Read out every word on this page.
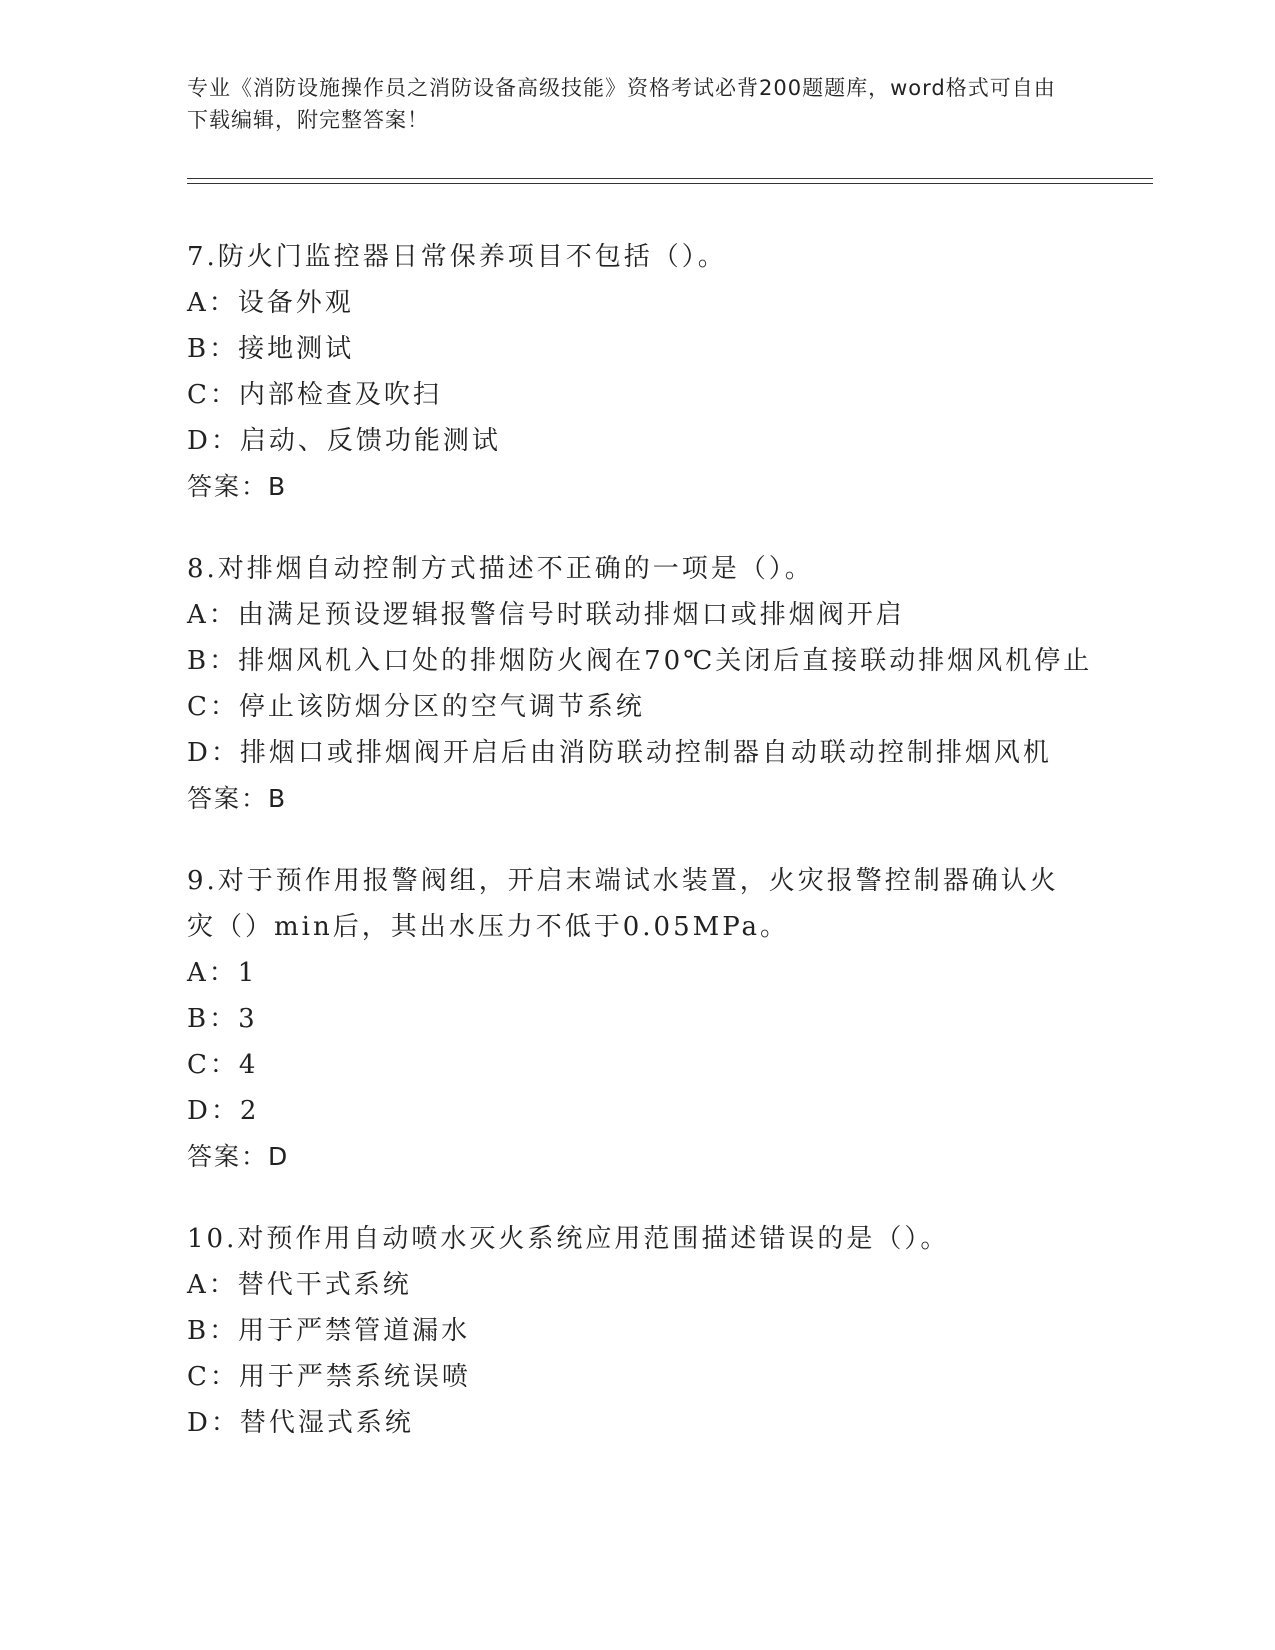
专业《消防设施操作员之消防设备高级技能》资格考试必背200题题库，word格式可自由下载编辑，附完整答案！
7.防火门监控器日常保养项目不包括（）。
A：设备外观
B：接地测试
C：内部检查及吹扫
D：启动、反馈功能测试
答案：B
8.对排烟自动控制方式描述不正确的一项是（）。
A：由满足预设逻辑报警信号时联动排烟口或排烟阀开启
B：排烟风机入口处的排烟防火阀在70℃关闭后直接联动排烟风机停止
C：停止该防烟分区的空气调节系统
D：排烟口或排烟阀开启后由消防联动控制器自动联动控制排烟风机
答案：B
9.对于预作用报警阀组，开启末端试水装置，火灾报警控制器确认火灾（）min后，其出水压力不低于0.05MPa。
A：1
B：3
C：4
D：2
答案：D
10.对预作用自动喷水灭火系统应用范围描述错误的是（）。
A：替代干式系统
B：用于严禁管道漏水
C：用于严禁系统误喷
D：替代湿式系统
